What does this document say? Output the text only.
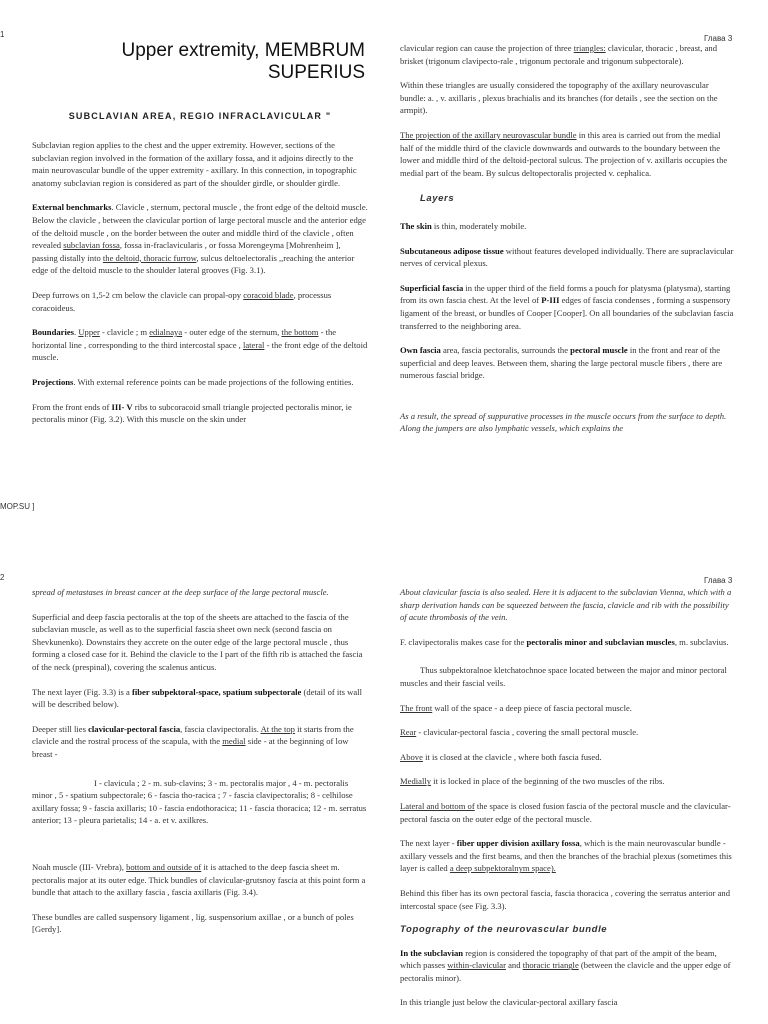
1	Глава 3
Upper extremity, MEMBRUM
SUPERIUS
SUBCLAVIAN AREA, REGIO INFRACLAVICULAR "

Subclavian region applies to the chest and the upper extremity. However, sections of the subclavian region involved in the formation of the axillary fossa, and it adjoins directly to the main neurovascular bundle of the upper extremity - axillary. In this connection, in topographic anatomy subclavian region is considered as part of the shoulder girdle, or shoulder girdle.

External benchmarks. Clavicle , sternum, pectoral muscle , the front edge of the deltoid muscle. Below the clavicle , between the clavicular portion of large pectoral muscle and the anterior edge of the deltoid muscle , on the border between the outer and middle third of the clavicle , often revealed subclavian fossa, fossa in-fraclavicularis , or fossa Morengeyma [Mohrenheim ], passing distally into the deltoid, thoracic furrow, sulcus deltoelectoralis ,,reaching the anterior edge of the deltoid muscle to the shoulder lateral grooves (Fig. 3.1).

Deep furrows on 1,5-2 cm below the clavicle can propal-opy coracoid blade, processus coracoideus.

Boundaries. Upper - clavicle ; m edialnaya - outer edge of the sternum, the bottom - the horizontal line , corresponding to the third intercostal space , lateral - the front edge of the deltoid muscle.

Projections. With external reference points can be made projections of the following entities.

From the front ends of III- V ribs to subcoracoid small triangle projected pectoralis minor, ie pectoralis minor (Fig. 3.2). With this muscle on the skin under

МОР.SU ]

clavicular region can cause the projection of three triangles: clavicular, thoracic , breast, and brisket (trigonum clavipecto-rale , trigonum pectorale and trigonum subpectorale).

Within these triangles are usually considered the topography of the axillary neurovascular bundle: a. , v. axillaris , plexus brachialis and its branches (for details , see the section on the armpit).

The projection of the axillary neurovascular bundle in this area is carried out from the medial half of the middle third of the clavicle downwards and outwards to the boundary between the lower and middle third of the deltoid-pectoral sulcus. The projection of v. axillaris occupies the medial part of the beam. By sulcus deltopectoralis projected v. cephalica.

Layers

The skin is thin, moderately mobile.

Subcutaneous adipose tissue without features developed individually. There are supraclavicular nerves of cervical plexus.

Superficial fascia in the upper third of the field forms a pouch for platysma (platysma), starting from its own fascia chest. At the level of P-III edges of fascia condenses , forming a suspensory ligament of the breast, or bundles of Cooper [Cooper]. On all boundaries of the subclavian fascia transferred to the neighboring area.

Own fascia area, fascia pectoralis, surrounds the pectoral muscle in the front and rear of the superficial and deep leaves. Between them, sharing the large pectoral muscle fibers , there are numerous fascial bridge.

As a result, the spread of suppurative processes in the muscle occurs from the surface to depth. Along the jumpers are also lymphatic vessels, which explains the

2	Глава 3

spread of metastases in breast cancer at the deep surface of the large pectoral muscle.

Superficial and deep fascia pectoralis at the top of the sheets are attached to the fascia of the subclavian muscle, as well as to the superficial fascia sheet own neck (second fascia on Shevkunenko). Downstairs they accrete on the outer edge of the large pectoral muscle , thus forming a closed case for it. Behind the clavicle to the I part of the fifth rib is attached the fascia of the neck (prespinal), covering the scalenus anticus.

The next layer (Fig. 3.3) is a fiber subpektoral-space, spatium subpectorale (detail of its wall will be described below).

Deeper still lies clavicular-pectoral fascia, fascia clavipectoralis. At the top it starts from the clavicle and the rostral process of the scapula, with the medial side - at the beginning of low breast -

I - clavicula ; 2 - m. sub-clavins; 3 - m. pectoralis major , 4 - m. pectoralis minor , 5 - spatium subpectorale; 6 - fascia tho-racica ; 7 - fascia clavipectoralis; 8 - celhilose axillary fossa; 9 - fascia axillaris; 10 - fascia endothoracica; 11 - fascia thoracica; 12 - m. serratus anterior; 13 - pleura parietalis; 14 - a. et v. axilkres.

Noah muscle (III- Vrebra), bottom and outside of it is attached to the deep fascia sheet m. pectoralis major at its outer edge. Thick bundles of clavicular-grutsnoy fascia at this point form a bundle that attach to the axillary fascia , fascia axillaris (Fig. 3.4).

These bundles are called suspensory ligament , lig. suspensorium axillae , or a bunch of poles [Gerdy].

About clavicular fascia is also sealed. Here it is adjacent to the subclavian Vienna, which with a sharp derivation hands can be squeezed between the fascia, clavicle and rib with the possibility of acute thrombosis of the vein.

F. clavipectoralis makes case for the pectoralis minor and subclavian muscles, m. subclavius.

Thus subpektoralnoe kletchatochnoe space located between the major and minor pectoral muscles and their fascial veils.

The front wall of the space - a deep piece of fascia pectoral muscle.

Rear - clavicular-pectoral fascia , covering the small pectoral muscle.

Above it is closed at the clavicle , where both fascia fused.

Medially it is locked in place of the beginning of the two muscles of the ribs.

Lateral and bottom of the space is closed fusion fascia of the pectoral muscle and the clavicular-pectoral fascia on the outer edge of the pectoral muscle.

The next layer - fiber upper division axillary fossa, which is the main neurovascular bundle - axillary vessels and the first beams, and then the branches of the brachial plexus (sometimes this layer is called a deep subpektoralnym space).

Behind this fiber has its own pectoral fascia, fascia thoracica , covering the serratus anterior and intercostal space (see Fig. 3.3).

Topography of the neurovascular bundle

In the subclavian region is considered the topography of that part of the ampit of the beam, which passes within-clavicular and thoracic triangle (between the clavicle and the upper edge of pectoralis minor).

In this triangle just below the clavicular-pectoral axillary fascia
